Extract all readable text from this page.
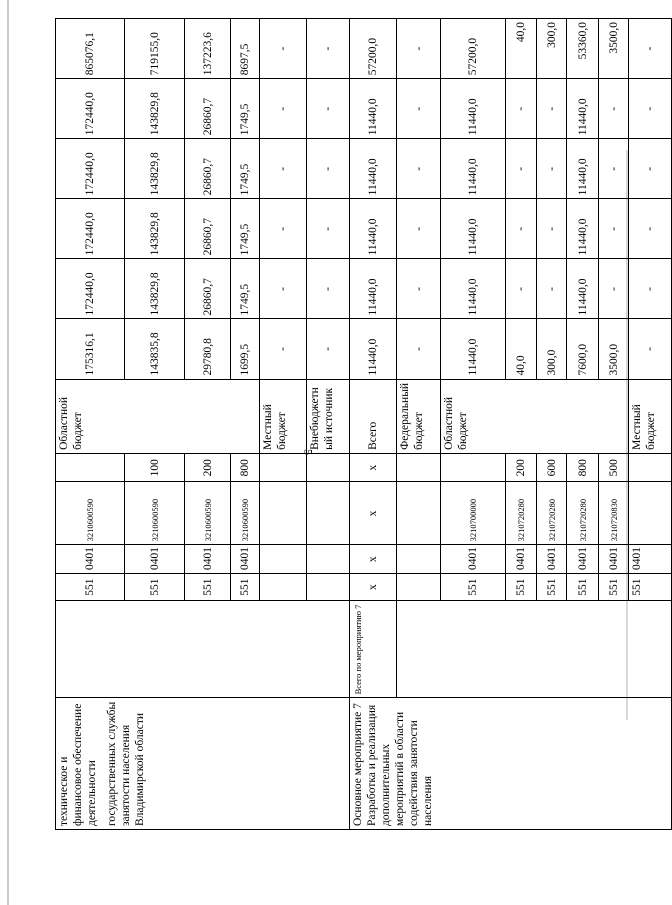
5
техническое и финансовое обеспечение деятельности государственных службы занятости населения Владимирской области		551	0401	3210600590		Областной бюджет	175316,1	172440,0	172440,0	172440,0	172440,0	865076,1
		551	0401	3210600590	100		143835,8	143829,8	143829,8	143829,8	143829,8	719155,0
		551	0401	3210600590	200		29780,8	26860,7	26860,7	26860,7	26860,7	137223,6
		551	0401	3210600590	800		1699,5	1749,5	1749,5	1749,5	1749,5	8697,5
						Местный бюджет	-	-	-	-	-	-
						Внебюджетн ый источник	-	-	-	-	-	-

Основное мероприятие 7 Разработка и реализация дополнительных мероприятий в области содействия занятости населения	Всего по мероприятию 7	x	x	x	x	Всего	11440,0	11440,0	11440,0	11440,0	11440,0	57200,0
						Федеральный бюджет	-	-	-	-	-	-
		551	0401	3210700000		Областной бюджет	11440,0	11440,0	11440,0	11440,0	11440,0	57200,0
		551	0401	3210720280	200		40,0	-	-	-	-	40,0
		551	0401	3210720280	600		300,0	-	-	-	-	300,0
		551	0401	3210720280	800		7600,0	11440,0	11440,0	11440,0	11440,0	53360,0
		551	0401	3210720830	500		3500,0	-	-	-	-	3500,0
		551	0401			Местный бюджет	-	-	-	-	-	-
